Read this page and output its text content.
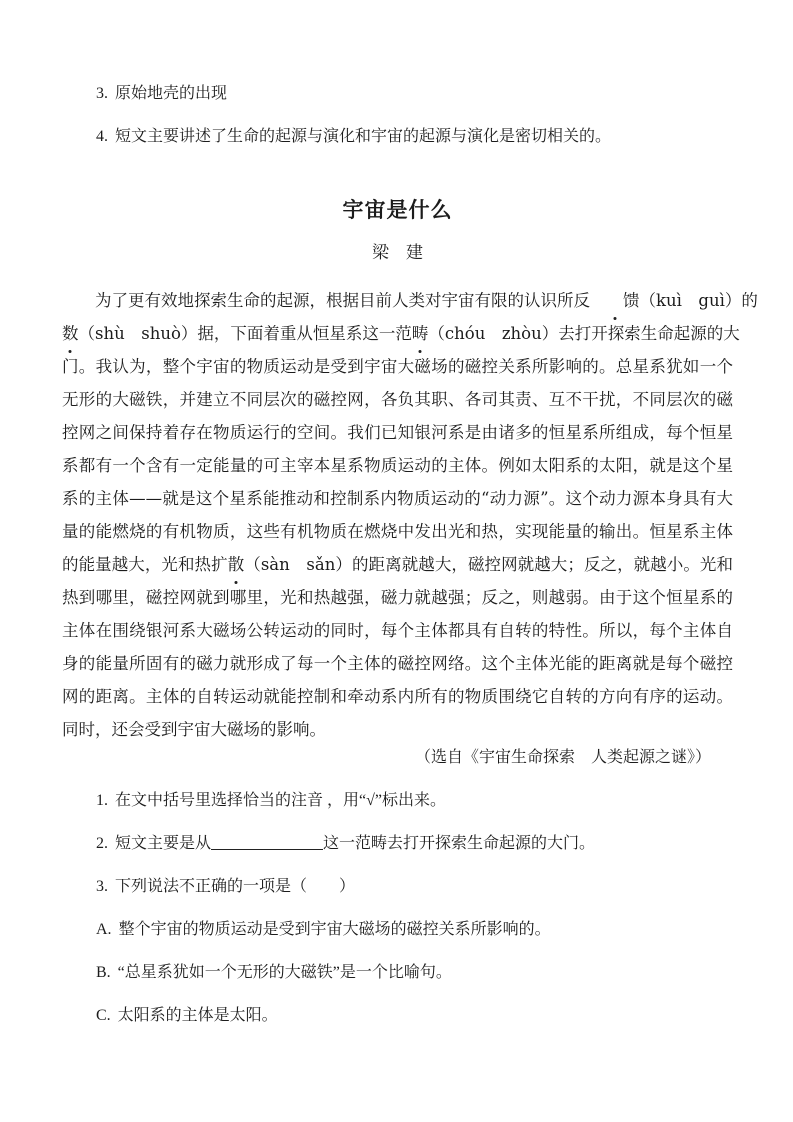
3. 原始地壳的出现
4. 短文主要讲述了生命的起源与演化和宇宙的起源与演化是密切相关的。
宇宙是什么
梁　建
为了更有效地探索生命的起源，根据目前人类对宇宙有限的认识所反 馈（kuì　guì）的
数（shù　shuò）据，下面着重从恒星系这一范畴（chóu　zhòu）去打开探索生命起源的大
门。我认为，整个宇宙的物质运动是受到宇宙大磁场的磁控关系所影响的。总星系犹如一个
无形的大磁铁，并建立不同层次的磁控网，各负其职、各司其责、互不干扰，不同层次的磁
控网之间保持着存在物质运行的空间。我们已知银河系是由诸多的恒星系所组成，每个恒星
系都有一个含有一定能量的可主宰本星系物质运动的主体。例如太阳系的太阳，就是这个星
系的主体——就是这个星系能推动和控制系内物质运动的“动力源”。这个动力源本身具有大
量的能燃烧的有机物质，这些有机物质在燃烧中发出光和热，实现能量的输出。恒星系主体
的能量越大，光和热扩散（sàn　sǎn）的距离就越大，磁控网就越大；反之，就越小。光和
热到哪里，磁控网就到哪里，光和热越强，磁力就越强；反之，则越弱。由于这个恒星系的
主体在围绕银河系大磁场公转运动的同时，每个主体都具有自转的特性。所以，每个主体自
身的能量所固有的磁力就形成了每一个主体的磁控网络。这个主体光能的距离就是每个磁控
网的距离。主体的自转运动就能控制和牵动系内所有的物质围绕它自转的方向有序的运动。
同时，还会受到宇宙大磁场的影响。
（选自《宇宙生命探索　人类起源之谜》）
1. 在文中括号里选择恰当的注音 ，用“√”标出来。
2. 短文主要是从	这一范畴去打开探索生命起源的大门。
3. 下列说法不正确的一项是（　　）
A. 整个宇宙的物质运动是受到宇宙大磁场的磁控关系所影响的。
B. “总星系犹如一个无形的大磁铁”是一个比喻句。
C. 太阳系的主体是太阳。
